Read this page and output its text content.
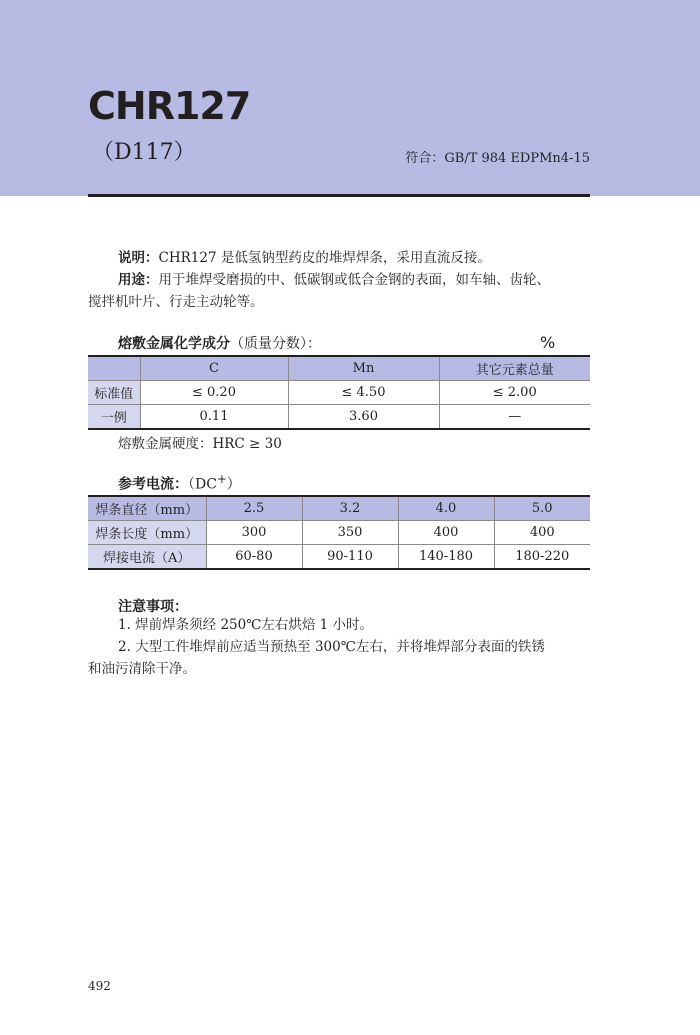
CHR127
（D117）	符合：GB/T 984 EDPMn4-15
说明：CHR127 是低氢钠型药皮的堆焊焊条，采用直流反接。
用途：用于堆焊受磨损的中、低碳钢或低合金钢的表面，如车轴、齿轮、
搅拌机叶片、行走主动轮等。
熔敷金属化学成分（质量分数）：	%
	C	Mn	其它元素总量
标准值	≤ 0.20	≤ 4.50	≤ 2.00
一例	0.11	3.60	—
熔敷金属硬度：HRC ≥ 30
参考电流：（DC+）
焊条直径（mm）	2.5	3.2	4.0	5.0
焊条长度（mm）	300	350	400	400
焊接电流（A）	60-80	90-110	140-180	180-220
注意事项：
1. 焊前焊条须经 250℃左右烘焙 1 小时。
2. 大型工件堆焊前应适当预热至 300℃左右，并将堆焊部分表面的铁锈
和油污清除干净。
492
